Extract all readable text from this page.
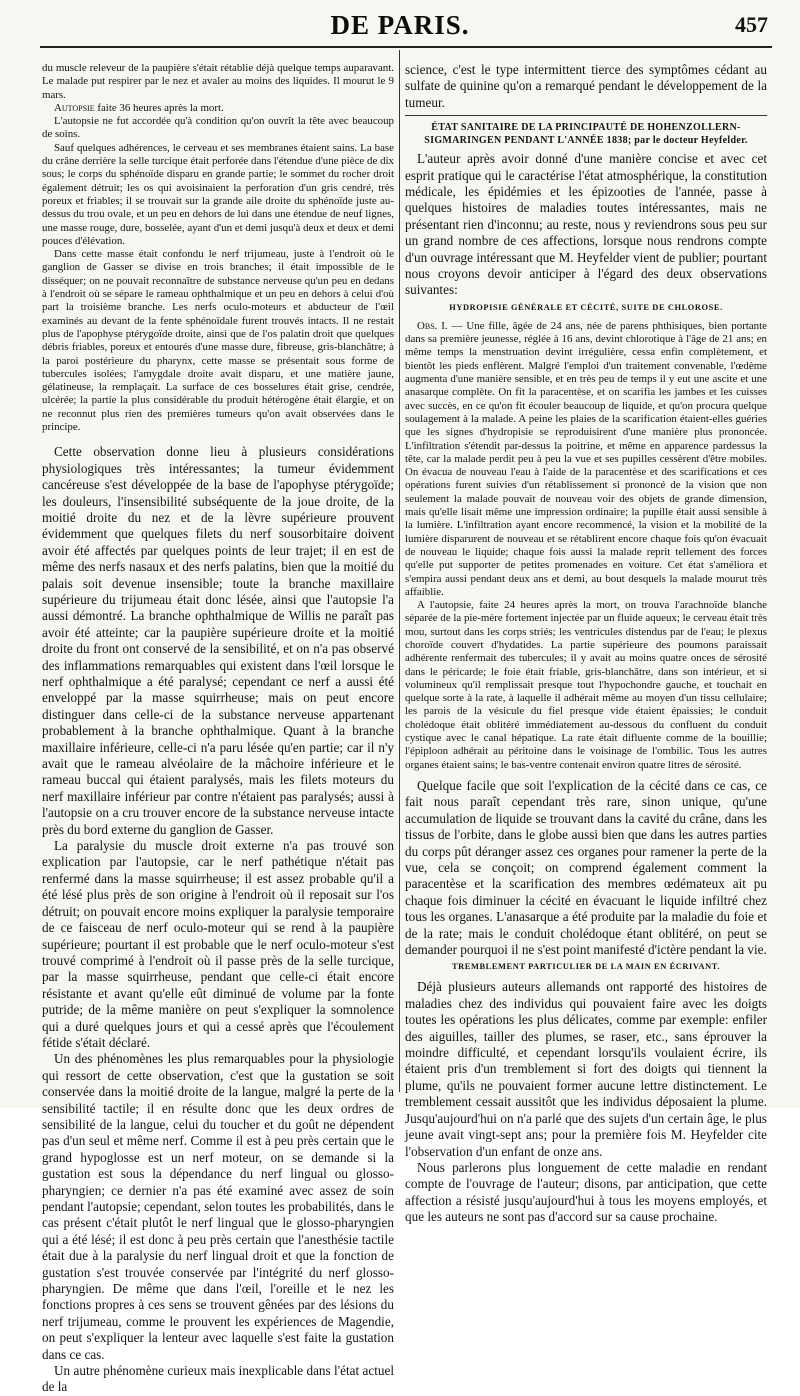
DE PARIS.	457

du muscle releveur de la paupière s'était rétablie déjà quelque temps auparavant. Le malade put respirer par le nez et avaler au moins des liquides. Il mourut le 9 mars.

Autopsie faite 36 heures après la mort.

L'autopsie ne fut accordée qu'à condition qu'on ouvrît la tête avec beaucoup de soins.

Sauf quelques adhérences, le cerveau et ses membranes étaient sains. La base du crâne derrière la selle turcique était perforée dans l'étendue d'une pièce de dix sous; le corps du sphénoïde disparu en grande partie; le sommet du rocher droit également détruit; les os qui avoisinaient la perforation d'un gris cendré, très poreux et friables; il se trouvait sur la grande aile droite du sphénoïde juste au-dessus du trou ovale, et un peu en dehors de lui dans une étendue de neuf lignes, une masse rouge, dure, bosselée, ayant d'un et demi jusqu'à deux et deux et demi pouces d'élévation.

Dans cette masse était confondu le nerf trijumeau, juste à l'endroit où le ganglion de Gasser se divise en trois branches; il était impossible de le disséquer; on ne pouvait reconnaître de substance nerveuse qu'un peu en dedans à l'endroit où se sépare le rameau ophthalmique et un peu en dehors à celui d'où part la troisième branche. Les nerfs oculo-moteurs et abducteur de l'œil examinés au devant de la fente sphénoïdale furent trouvés intacts. Il ne restait plus de l'apophyse ptérygoïde droite, ainsi que de l'os palatin droit que quelques débris friables, poreux et entourés d'une masse dure, fibreuse, gris-blanchâtre; à la paroi postérieure du pharynx, cette masse se présentait sous forme de tubercules isolées; l'amygdale droite avait disparu, et une matière jaune, gélatineuse, la remplaçait. La surface de ces bosselures était grise, cendrée, ulcérée; la partie la plus considérable du produit hétérogène était élargie, et on ne reconnut plus rien des premières tumeurs qu'on avait observées dans le principe.

Cette observation donne lieu à plusieurs considérations physiologiques très intéressantes; la tumeur évidemment cancéreuse s'est développée de la base de l'apophyse ptérygoïde; les douleurs, l'insensibilité subséquente de la joue droite, de la moitié droite du nez et de la lèvre supérieure prouvent évidemment que quelques filets du nerf sousorbitaire doivent avoir été affectés par quelques points de leur trajet; il en est de même des nerfs nasaux et des nerfs palatins, bien que la moitié du palais soit devenue insensible; toute la branche maxillaire supérieure du trijumeau était donc lésée, ainsi que l'autopsie l'a aussi démontré. La branche ophthalmique de Willis ne paraît pas avoir été atteinte; car la paupière supérieure droite et la moitié droite du front ont conservé de la sensibilité, et on n'a pas observé des inflammations remarquables qui existent dans l'œil lorsque le nerf ophthalmique a été paralysé; cependant ce nerf a aussi été enveloppé par la masse squirrheuse; mais on peut encore distinguer dans celle-ci de la substance nerveuse appartenant probablement à la branche ophthalmique. Quant à la branche maxillaire inférieure, celle-ci n'a paru lésée qu'en partie; car il n'y avait que le rameau alvéolaire de la mâchoire inférieure et le rameau buccal qui étaient paralysés, mais les filets moteurs du nerf maxillaire inférieur par contre n'étaient pas paralysés; aussi à l'autopsie on a cru trouver encore de la substance nerveuse intacte près du bord externe du ganglion de Gasser.

La paralysie du muscle droit externe n'a pas trouvé son explication par l'autopsie, car le nerf pathétique n'était pas renfermé dans la masse squirrheuse; il est assez probable qu'il a été lésé plus près de son origine à l'endroit où il reposait sur l'os détruit; on pouvait encore moins expliquer la paralysie temporaire de ce faisceau de nerf oculo-moteur qui se rend à la paupière supérieure; pourtant il est probable que le nerf oculo-moteur s'est trouvé comprimé à l'endroit où il passe près de la selle turcique, par la masse squirrheuse, pendant que celle-ci était encore résistante et avant qu'elle eût diminué de volume par la fonte putride; de la même manière on peut s'expliquer la somnolence qui a duré quelques jours et qui a cessé après que l'écoulement fétide s'était déclaré.

Un des phénomènes les plus remarquables pour la physiologie qui ressort de cette observation, c'est que la gustation se soit conservée dans la moitié droite de la langue, malgré la perte de la sensibilité tactile; il en résulte donc que les deux ordres de sensibilité de la langue, celui du toucher et du goût ne dépendent pas d'un seul et même nerf. Comme il est à peu près certain que le grand hypoglosse est un nerf moteur, on se demande si la gustation est sous la dépendance du nerf lingual ou glosso-pharyngien; ce dernier n'a pas été examiné avec assez de soin pendant l'autopsie; cependant, selon toutes les probabilités, dans le cas présent c'était plutôt le nerf lingual que le glosso-pharyngien qui a été lésé; il est donc à peu près certain que l'anesthésie tactile était due à la paralysie du nerf lingual droit et que la fonction de gustation s'est trouvée conservée par l'intégrité du nerf glosso-pharyngien. De même que dans l'œil, l'oreille et le nez les fonctions propres à ces sens se trouvent gênées par des lésions du nerf trijumeau, comme le prouvent les expériences de Magendie, on peut s'expliquer la lenteur avec laquelle s'est faite la gustation dans ce cas.

Un autre phénomène curieux mais inexplicable dans l'état actuel de la

science, c'est le type intermittent tierce des symptômes cédant au sulfate de quinine qu'on a remarqué pendant le développement de la tumeur.

ÉTAT SANITAIRE DE LA PRINCIPAUTÉ DE HOHENZOLLERN-SIGMARINGEN PENDANT L'ANNÉE 1838; par le docteur Heyfelder.

L'auteur après avoir donné d'une manière concise et avec cet esprit pratique qui le caractérise l'état atmosphérique, la constitution médicale, les épidémies et les épizooties de l'année, passe à quelques histoires de maladies toutes intéressantes, mais ne présentant rien d'inconnu; au reste, nous y reviendrons sous peu sur un grand nombre de ces affections, lorsque nous rendrons compte d'un ouvrage intéressant que M. Heyfelder vient de publier; pourtant nous croyons devoir anticiper à l'égard des deux observations suivantes:

HYDROPISIE GÉNÉRALE ET CÉCITÉ, SUITE DE CHLOROSE.

Obs. I. — Une fille, âgée de 24 ans, née de parens phthisiques, bien portante dans sa première jeunesse, réglée à 16 ans, devint chlorotique à l'âge de 21 ans; en même temps la menstruation devint irrégulière, cessa enfin complètement, et bientôt les pieds enflèrent. Malgré l'emploi d'un traitement convenable, l'œdème augmenta d'une manière sensible, et en très peu de temps il y eut une ascite et une anasarque complète. On fit la paracentèse, et on scarifia les jambes et les cuisses avec succès, en ce qu'on fit écouler beaucoup de liquide, et qu'on procura quelque soulagement à la malade. A peine les plaies de la scarification étaient-elles guéries que les signes d'hydropisie se reproduisirent d'une manière plus prononcée. L'infiltration s'étendit par-dessus la poitrine, et même en apparence pardessus la tête, car la malade perdit peu à peu la vue et ses pupilles cessèrent d'être mobiles. On évacua de nouveau l'eau à l'aide de la paracentèse et des scarifications et ces opérations furent suivies d'un rétablissement si prononcé de la vision que non seulement la malade pouvait de nouveau voir des objets de grande dimension, mais qu'elle lisait même une impression ordinaire; la pupille était aussi sensible à la lumière. L'infiltration ayant encore recommencé, la vision et la mobilité de la lumière disparurent de nouveau et se rétablirent encore chaque fois qu'on évacuait de nouveau le liquide; chaque fois aussi la malade reprit tellement des forces qu'elle put supporter de petites promenades en voiture. Cet état s'améliora et s'empira aussi pendant deux ans et demi, au bout desquels la malade mourut très affaiblie.

A l'autopsie, faite 24 heures après la mort, on trouva l'arachnoïde blanche séparée de la pie-mère fortement injectée par un fluide aqueux; le cerveau était très mou, surtout dans les corps striés; les ventricules distendus par de l'eau; le plexus choroïde couvert d'hydatides. La partie supérieure des poumons paraissait adhérente renfermait des tubercules; il y avait au moins quatre onces de sérosité dans le péricarde; le foie était friable, gris-blanchâtre, dans son intérieur, et si volumineux qu'il remplissait presque tout l'hypochondre gauche, et touchait en quelque sorte à la rate, à laquelle il adhérait même au moyen d'un tissu cellulaire; les parois de la vésicule du fiel presque vide étaient épaissies; le conduit cholédoque était oblitéré immédiatement au-dessous du confluent du conduit cystique avec le canal hépatique. La rate était difluente comme de la bouillie; l'épiploon adhérait au péritoine dans le voisinage de l'ombilic. Tous les autres organes étaient sains; le bas-ventre contenait environ quatre litres de sérosité.

Quelque facile que soit l'explication de la cécité dans ce cas, ce fait nous paraît cependant très rare, sinon unique, qu'une accumulation de liquide se trouvant dans la cavité du crâne, dans les tissus de l'orbite, dans le globe aussi bien que dans les autres parties du corps pût déranger assez ces organes pour ramener la perte de la vue, cela se conçoit; on comprend également comment la paracentèse et la scarification des membres œdémateux ait pu chaque fois diminuer la cécité en évacuant le liquide infiltré chez tous les organes. L'anasarque a été produite par la maladie du foie et de la rate; mais le conduit cholédoque étant oblitéré, on peut se demander pourquoi il ne s'est point manifesté d'ictère pendant la vie.

TREMBLEMENT PARTICULIER DE LA MAIN EN ÉCRIVANT.

Déjà plusieurs auteurs allemands ont rapporté des histoires de maladies chez des individus qui pouvaient faire avec les doigts toutes les opérations les plus délicates, comme par exemple: enfiler des aiguilles, tailler des plumes, se raser, etc., sans éprouver la moindre difficulté, et cependant lorsqu'ils voulaient écrire, ils étaient pris d'un tremblement si fort des doigts qui tiennent la plume, qu'ils ne pouvaient former aucune lettre distinctement. Le tremblement cessait aussitôt que les individus déposaient la plume. Jusqu'aujourd'hui on n'a parlé que des sujets d'un certain âge, le plus jeune avait vingt-sept ans; pour la première fois M. Heyfelder cite l'observation d'un enfant de onze ans.

Nous parlerons plus longuement de cette maladie en rendant compte de l'ouvrage de l'auteur; disons, par anticipation, que cette affection a résisté jusqu'aujourd'hui à tous les moyens employés, et que les auteurs ne sont pas d'accord sur sa cause prochaine.
